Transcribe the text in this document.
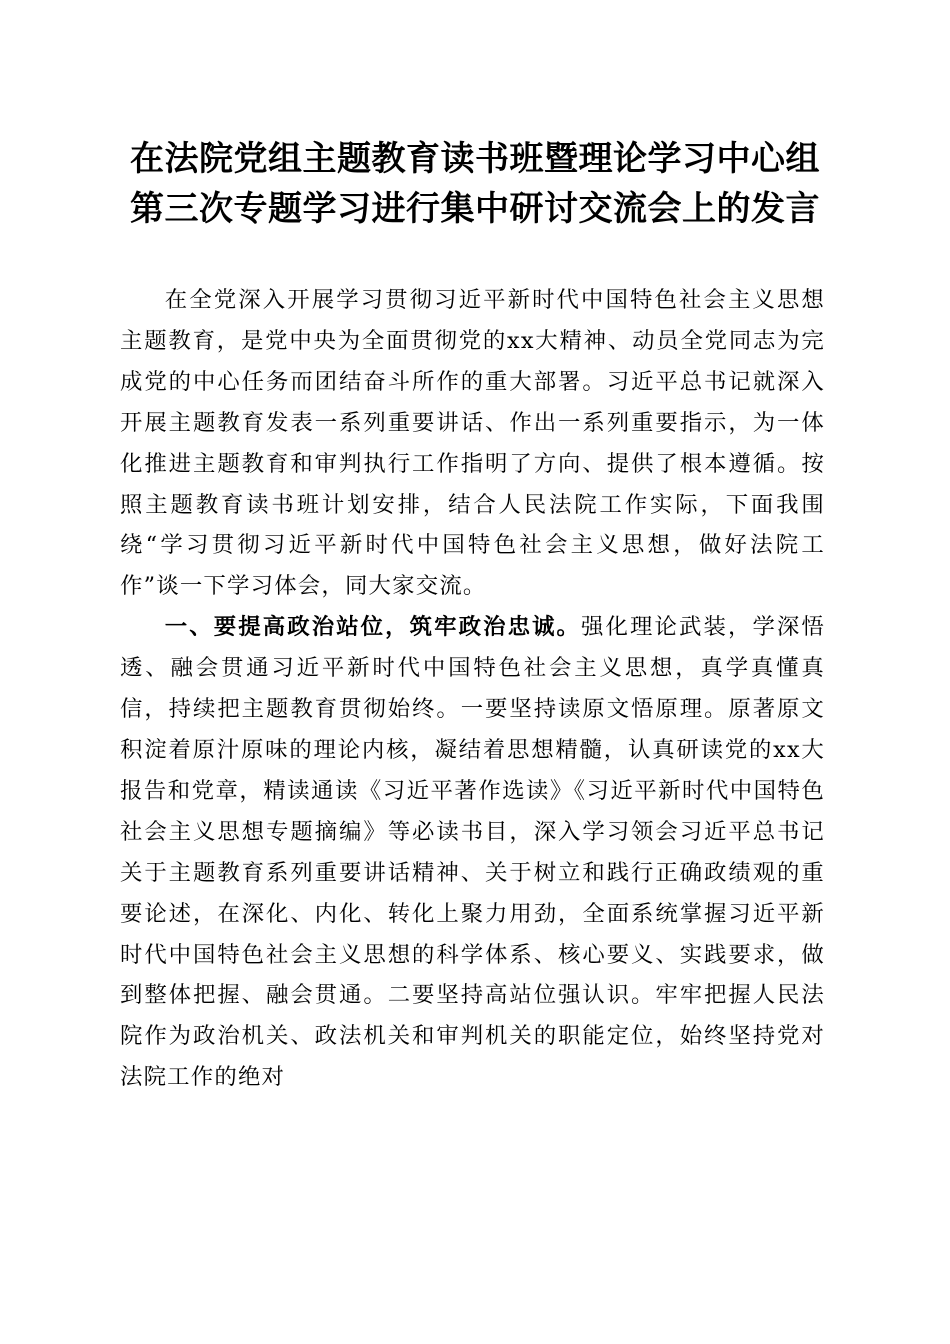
在法院党组主题教育读书班暨理论学习中心组
第三次专题学习进行集中研讨交流会上的发言

在全党深入开展学习贯彻习近平新时代中国特色社会主义思想主题教育，是党中央为全面贯彻党的xx大精神、动员全党同志为完成党的中心任务而团结奋斗所作的重大部署。习近平总书记就深入开展主题教育发表一系列重要讲话、作出一系列重要指示，为一体化推进主题教育和审判执行工作指明了方向、提供了根本遵循。按照主题教育读书班计划安排，结合人民法院工作实际，下面我围绕“学习贯彻习近平新时代中国特色社会主义思想，做好法院工作”谈一下学习体会，同大家交流。

一、要提高政治站位，筑牢政治忠诚。强化理论武装，学深悟透、融会贯通习近平新时代中国特色社会主义思想，真学真懂真信，持续把主题教育贯彻始终。一要坚持读原文悟原理。原著原文积淀着原汁原味的理论内核，凝结着思想精髓，认真研读党的xx大报告和党章，精读通读《习近平著作选读》《习近平新时代中国特色社会主义思想专题摘编》等必读书目，深入学习领会习近平总书记关于主题教育系列重要讲话精神、关于树立和践行正确政绩观的重要论述，在深化、内化、转化上聚力用劲，全面系统掌握习近平新时代中国特色社会主义思想的科学体系、核心要义、实践要求，做到整体把握、融会贯通。二要坚持高站位强认识。牢牢把握人民法院作为政治机关、政法机关和审判机关的职能定位，始终坚持党对法院工作的绝对
